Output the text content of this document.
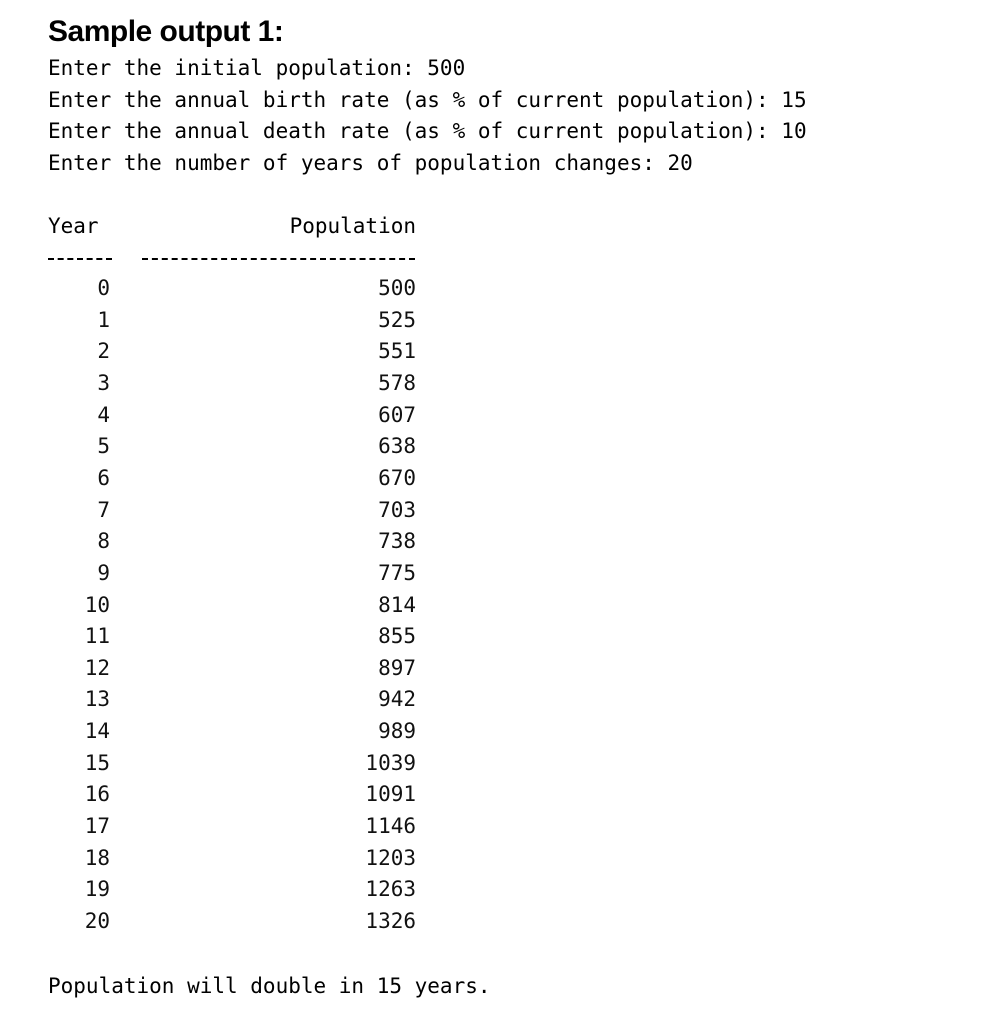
Sample output 1:
Enter the initial population: 500
Enter the annual birth rate (as % of current population): 15
Enter the annual death rate (as % of current population): 10
Enter the number of years of population changes: 20
Year	Population
0	500
1	525
2	551
3	578
4	607
5	638
6	670
7	703
8	738
9	775
10	814
11	855
12	897
13	942
14	989
15	1039
16	1091
17	1146
18	1203
19	1263
20	1326
Population will double in 15 years.
